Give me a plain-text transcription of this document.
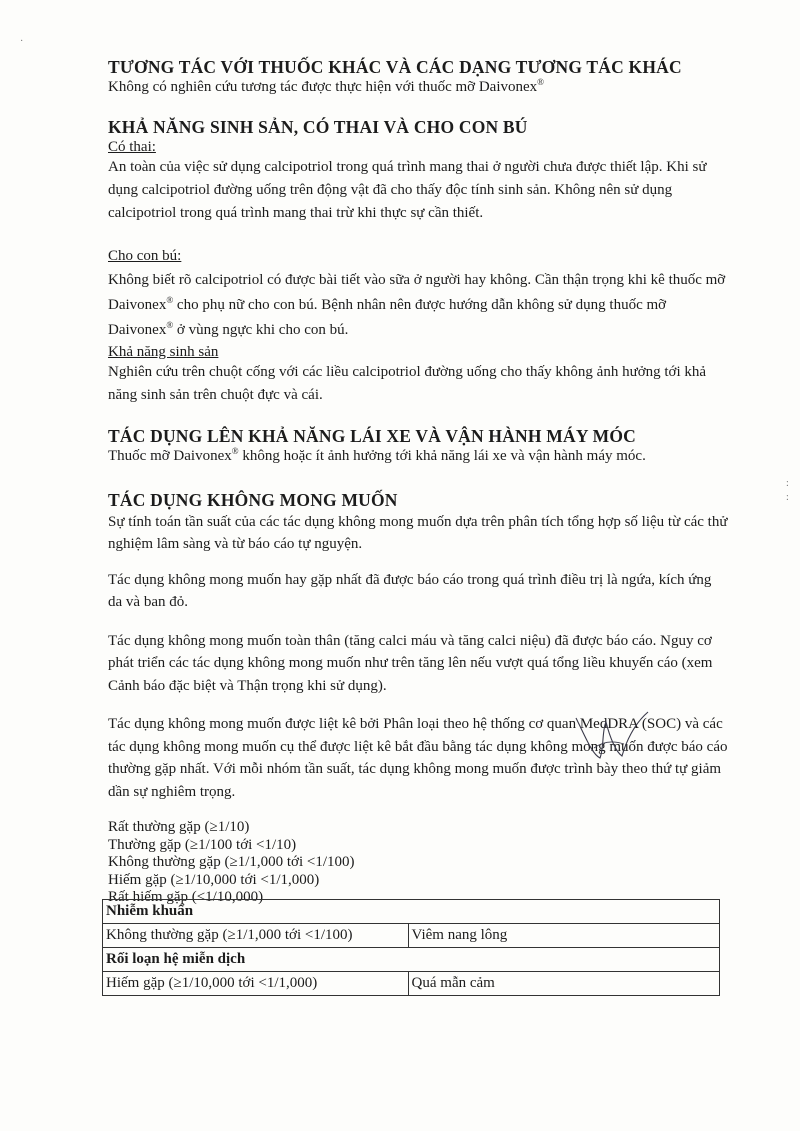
·
:
:
TƯƠNG TÁC VỚI THUỐC KHÁC VÀ CÁC DẠNG TƯƠNG TÁC KHÁC

Không có nghiên cứu tương tác được thực hiện với thuốc mỡ Daivonex®

KHẢ NĂNG SINH SẢN, CÓ THAI VÀ CHO CON BÚ

Có thai:

An toàn của việc sử dụng calcipotriol trong quá trình mang thai ở người chưa được thiết lập. Khi sử dụng calcipotriol đường uống trên động vật đã cho thấy độc tính sinh sản. Không nên sử dụng calcipotriol trong quá trình mang thai trừ khi thực sự cần thiết.

Cho con bú:

Không biết rõ calcipotriol có được bài tiết vào sữa ở người hay không. Cần thận trọng khi kê thuốc mỡ Daivonex® cho phụ nữ cho con bú. Bệnh nhân nên được hướng dẫn không sử dụng thuốc mỡ Daivonex® ở vùng ngực khi cho con bú.

Khả năng sinh sản

Nghiên cứu trên chuột cống với các liều calcipotriol đường uống cho thấy không ảnh hưởng tới khả năng sinh sản trên chuột đực và cái.

TÁC DỤNG LÊN KHẢ NĂNG LÁI XE VÀ VẬN HÀNH MÁY MÓC

Thuốc mỡ Daivonex® không hoặc ít ảnh hưởng tới khả năng lái xe và vận hành máy móc.

TÁC DỤNG KHÔNG MONG MUỐN

Sự tính toán tần suất của các tác dụng không mong muốn dựa trên phân tích tổng hợp số liệu từ các thử nghiệm lâm sàng và từ báo cáo tự nguyện.

Tác dụng không mong muốn hay gặp nhất đã được báo cáo trong quá trình điều trị là ngứa, kích ứng da và ban đỏ.

Tác dụng không mong muốn toàn thân (tăng calci máu và tăng calci niệu) đã được báo cáo. Nguy cơ phát triển các tác dụng không mong muốn như trên tăng lên nếu vượt quá tổng liều khuyến cáo (xem Cảnh báo đặc biệt và Thận trọng khi sử dụng).

Tác dụng không mong muốn được liệt kê bởi Phân loại theo hệ thống cơ quan MedDRA (SOC) và các tác dụng không mong muốn cụ thể được liệt kê bắt đầu bằng tác dụng không mong muốn được báo cáo thường gặp nhất. Với mỗi nhóm tần suất, tác dụng không mong muốn được trình bày theo thứ tự giảm dần sự nghiêm trọng.

Rất thường gặp (≥1/10)

Thường gặp (≥1/100 tới <1/10)

Không thường gặp (≥1/1,000 tới <1/100)

Hiếm gặp (≥1/10,000 tới <1/1,000)

Rất hiếm gặp (<1/10,000)

Nhiễm khuẩn	
Không thường gặp (≥1/1,000 tới <1/100)	Viêm nang lông
Rối loạn hệ miễn dịch	
Hiếm gặp (≥1/10,000 tới <1/1,000)	Quá mẫn cảm
